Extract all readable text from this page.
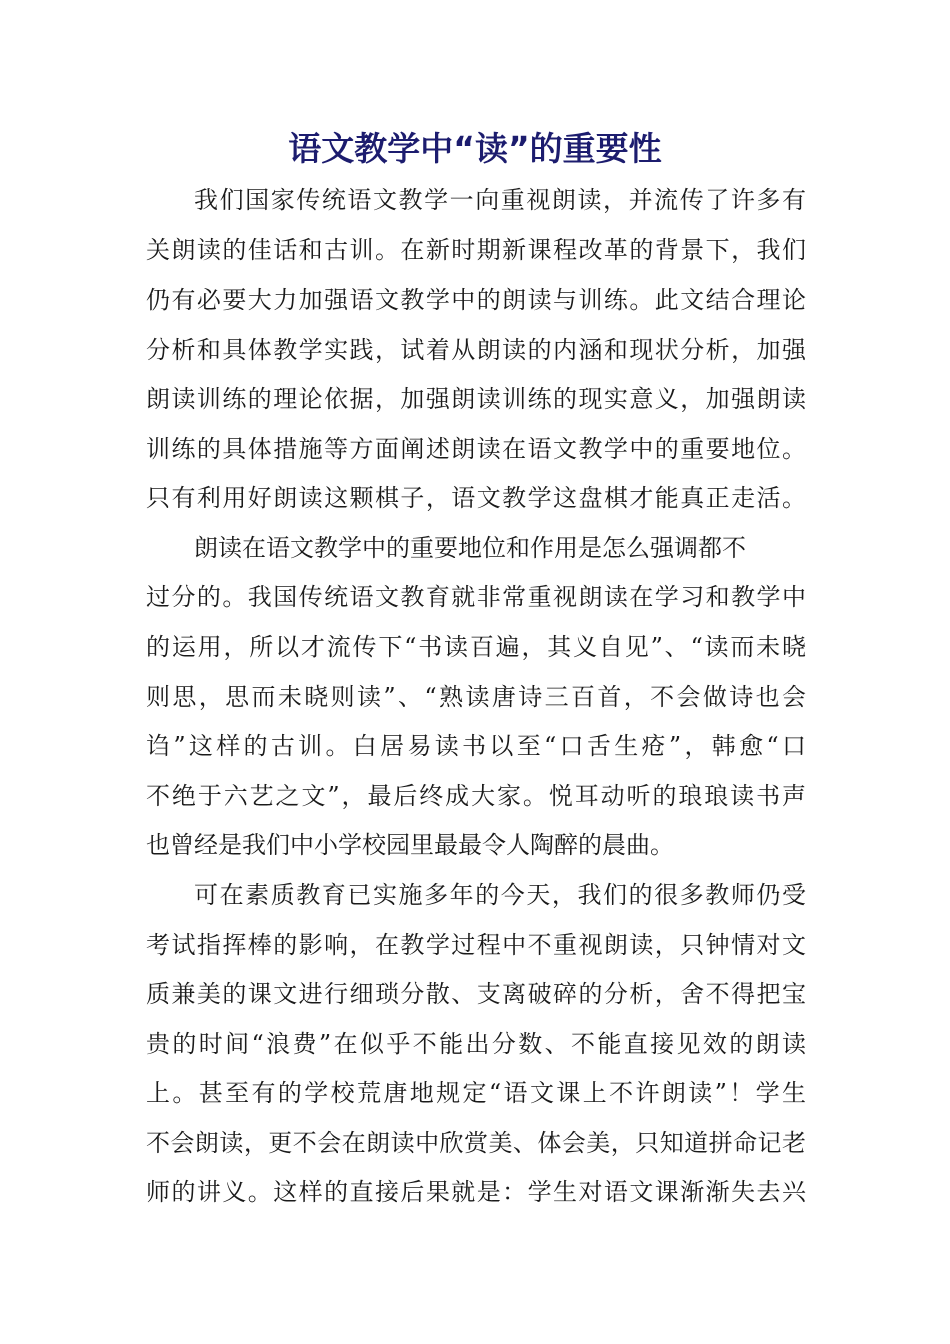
语文教学中“读”的重要性
我们国家传统语文教学一向重视朗读，并流传了许多有
关朗读的佳话和古训。在新时期新课程改革的背景下，我们
仍有必要大力加强语文教学中的朗读与训练。此文结合理论
分析和具体教学实践，试着从朗读的内涵和现状分析，加强
朗读训练的理论依据，加强朗读训练的现实意义，加强朗读
训练的具体措施等方面阐述朗读在语文教学中的重要地位。
只有利用好朗读这颗棋子，语文教学这盘棋才能真正走活。
朗读在语文教学中的重要地位和作用是怎么强调都不
过分的。我国传统语文教育就非常重视朗读在学习和教学中
的运用，所以才流传下“书读百遍，其义自见”、“读而未晓
则思，思而未晓则读”、“熟读唐诗三百首，不会做诗也会
诌”这样的古训。白居易读书以至“口舌生疮”，韩愈“口
不绝于六艺之文”，最后终成大家。悦耳动听的琅琅读书声
也曾经是我们中小学校园里最最令人陶醉的晨曲。
可在素质教育已实施多年的今天，我们的很多教师仍受
考试指挥棒的影响，在教学过程中不重视朗读，只钟情对文
质兼美的课文进行细琐分散、支离破碎的分析，舍不得把宝
贵的时间“浪费”在似乎不能出分数、不能直接见效的朗读
上。甚至有的学校荒唐地规定“语文课上不许朗读”！学生
不会朗读，更不会在朗读中欣赏美、体会美，只知道拼命记老
师的讲义。这样的直接后果就是：学生对语文课渐渐失去兴
